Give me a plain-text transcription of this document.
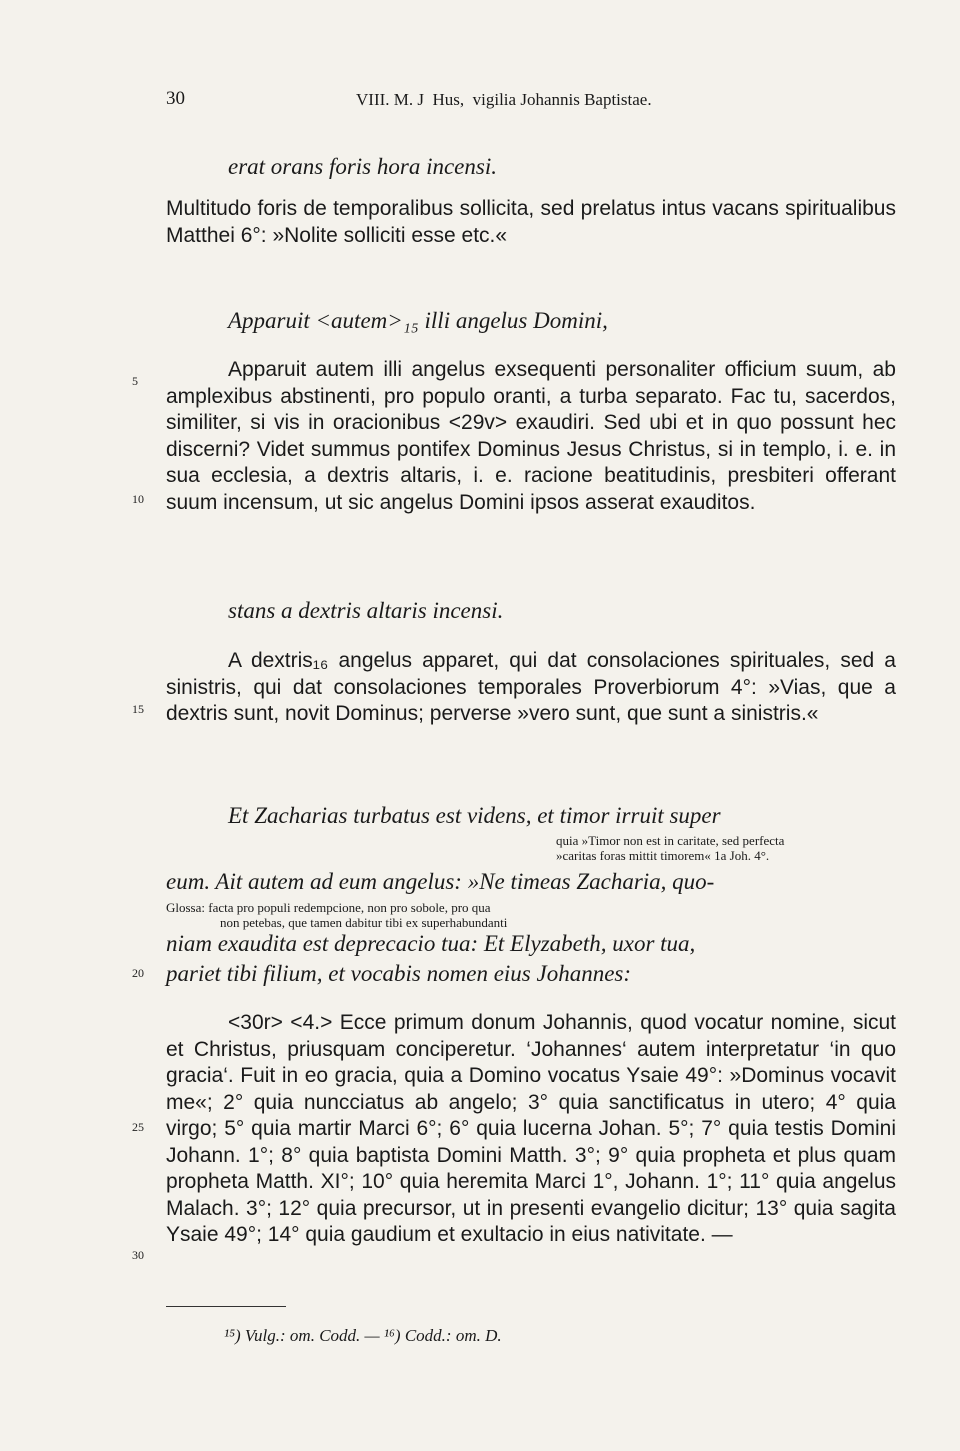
30	VIII. M. J  Hus,  vigilia Johannis Baptistae.
erat orans foris hora incensi.

Multitudo foris de temporalibus sollicita, sed prelatus intus vacans spiritualibus Matthei 6°: »Nolite solliciti esse etc.«

Apparuit <autem>₁₅ illi angelus Domini,
5	Apparuit autem illi angelus exsequenti personaliter officium suum, ab amplexibus abstinenti, pro populo oranti, a turba separato. Fac tu, sacerdos, similiter, si vis in oracionibus <29v> exaudiri. Sed ubi et in quo possunt hec discerni? Videt summus pontifex Dominus Jesus Christus, si in templo, i. e. in sua ecclesia, a dextris altaris, i. e. racione beatitudinis, presbiteri offerant suum incensum, ut sic angelus Domini ipsos asserat exauditos.

10
stans a dextris altaris incensi.

A dextris₁₆ angelus apparet, qui dat consolaciones spirituales, sed a sinistris, qui dat consolaciones temporales Proverbiorum 4°: »Vias, que a dextris sunt, novit Dominus; perverse »vero sunt, que sunt a sinistris.«

15
Et Zacharias turbatus est videns, et timor irruit super
quia »Timor non est in caritate, sed perfecta
»caritas foras mittit timorem« 1a Joh. 4°.
eum. Ait autem ad eum angelus: »Ne timeas Zacharia, quo-
Glossa: facta pro populi redempcione, non pro sobole, pro qua
non petebas, que tamen dabitur tibi ex superhabundanti
niam exaudita est deprecacio tua: Et Elyzabeth, uxor tua,
20 pariet tibi filium, et vocabis nomen eius Johannes:

<30r> <4.> Ecce primum donum Johannis, quod vocatur nomine, sicut et Christus, priusquam conciperetur. ‘Johannes‘ autem interpretatur ‘in quo gracia‘. Fuit in eo gracia, quia a Domino vocatus Ysaie 49°: »Dominus vocavit me«; 2° quia nuncciatus ab angelo; 3° quia sanctificatus in utero; 4° quia virgo; 5° quia martir Marci 6°; 6° quia lucerna Johan. 5°; 7° quia testis Domini Johann. 1°; 8° quia baptista Domini Matth. 3°; 9° quia propheta et plus quam propheta Matth. XI°; 10° quia heremita Marci 1°, Johann. 1°; 11° quia angelus Malach. 3°; 12° quia precursor, ut in presenti evangelio dicitur; 13° quia sagita Ysaie 49°; 14° quia gaudium et exultacio in eius nativitate. —

25
30
¹⁵) Vulg.: om. Codd. — ¹⁶) Codd.: om. D.
